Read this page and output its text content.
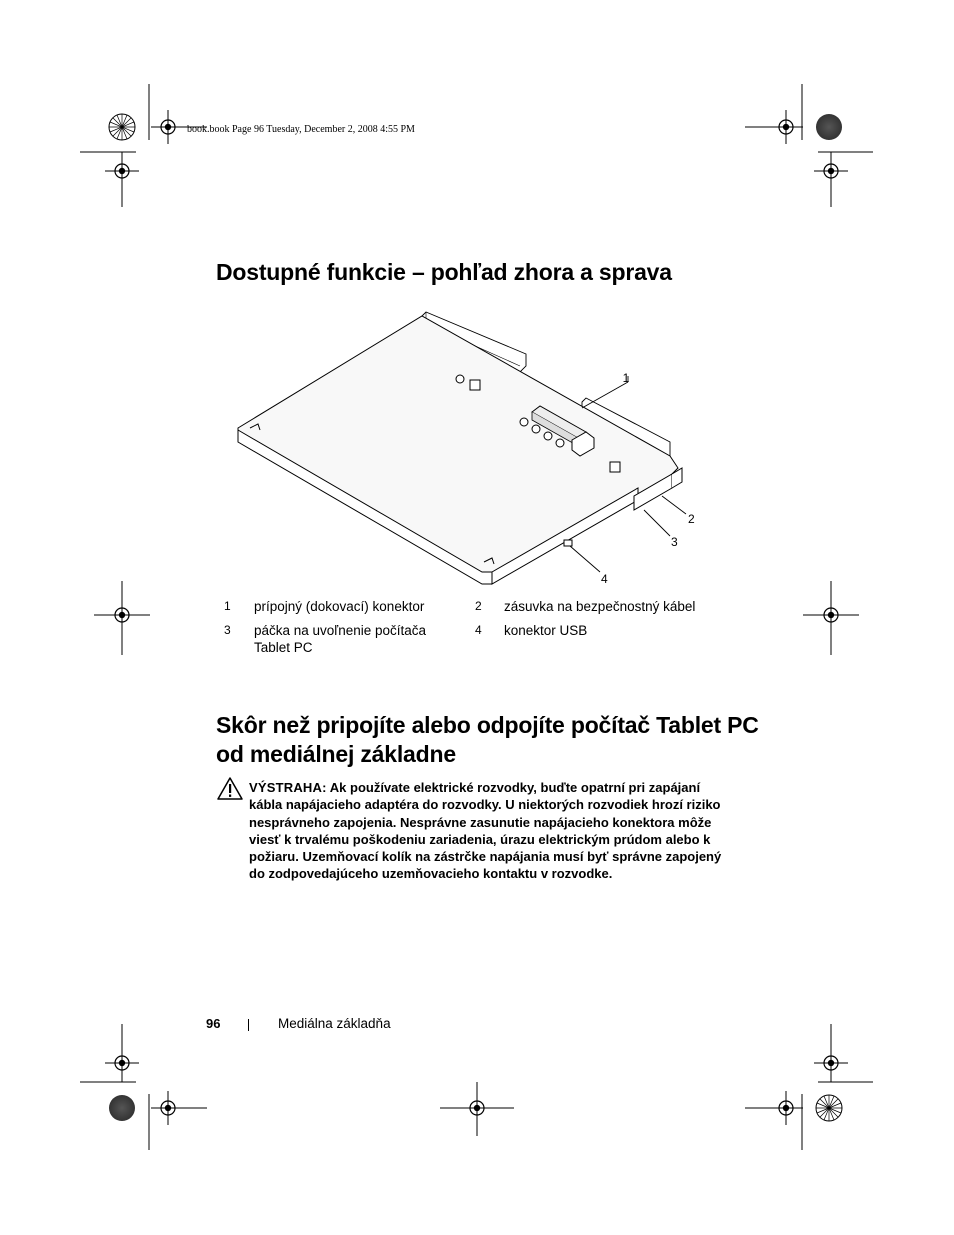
book.book Page 96 Tuesday, December 2, 2008 4:55 PM
Dostupné funkcie – pohľad zhora a sprava
1
2
3
4
1 prípojný (dokovací) konektor	2 zásuvka na bezpečnostný kábel
3 páčka na uvoľnenie počítača Tablet PC
4 konektor USB
Skôr než pripojíte alebo odpojíte počítač Tablet PC od mediálnej základne
VÝSTRAHA: Ak používate elektrické rozvodky, buďte opatrní pri zapájaní kábla napájacieho adaptéra do rozvodky. U niektorých rozvodiek hrozí riziko nesprávneho zapojenia. Nesprávne zasunutie napájacieho konektora môže viesť k trvalému poškodeniu zariadenia, úrazu elektrickým prúdom alebo k požiaru. Uzemňovací kolík na zástrčke napájania musí byť správne zapojený do zodpovedajúceho uzemňovacieho kontaktu v rozvodke.
96	Mediálna základňa
